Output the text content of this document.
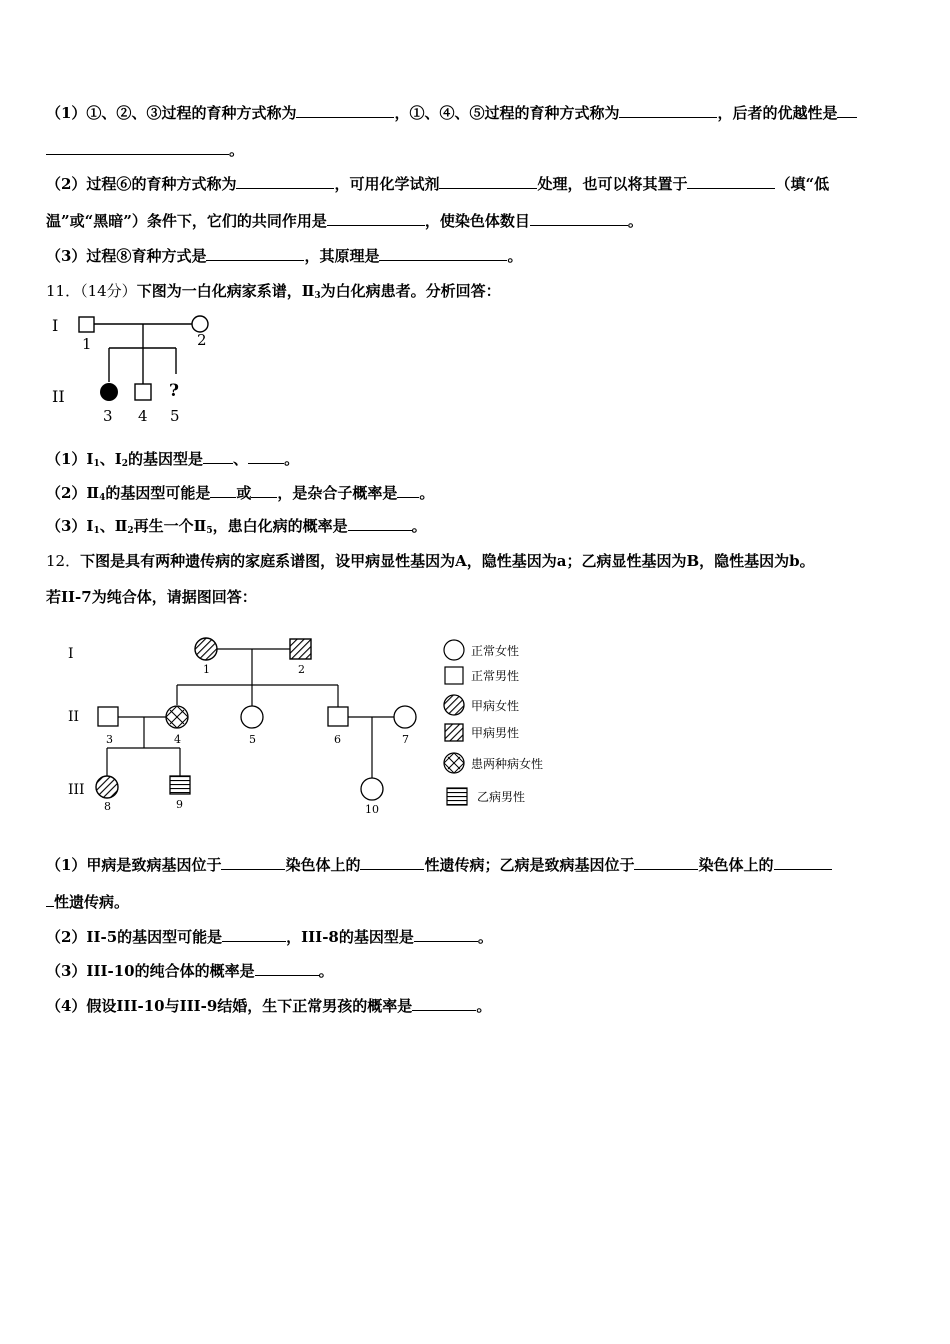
（1）①、②、③过程的育种方式称为	，①、④、⑤过程的育种方式称为	，后者的优越性是
。
（2）过程⑥的育种方式称为	，可用化学试剂	处理，也可以将其置于	（填“低
温”或“黑暗”）条件下，它们的共同作用是	，使染色体数目	。
（3）过程⑧育种方式是	，其原理是	。
11．（14分）下图为一白化病家系谱，$Ⅱ_3$为白化病患者。分析回答：
I
1	2
II	?
3 4 5
$(1)Ⅰ_1$、$Ⅰ_2$的基因型是 、 。
$(2)Ⅱ_4$的基因型可能是 或 ，是杂合子概率是 。
$(3)Ⅰ_1$、$Ⅱ_2$再生一个$Ⅱ_5$，患白化病的概率是	。
12．下图是具有两种遗传病的家庭系谱图，设甲病显性基因为A，隐性基因为a；乙病显性基因为B，隐性基因为b。
若II-7为纯合体，请据图回答：
I
II
III
1	2
3	4	5	6	7
8	9	10
正常女性
正常男性
甲病女性
甲病男性
患两种病女性
乙病男性
（1）甲病是致病基因位于	染色体上的	性遗传病；乙病是致病基因位于	染色体上的
性遗传病。
（2）II-5的基因型可能是	，III-8的基因型是	。
（3）III-10的纯合体的概率是	。
（4）假设III-10与III-9结婚，生下正常男孩的概率是	。
